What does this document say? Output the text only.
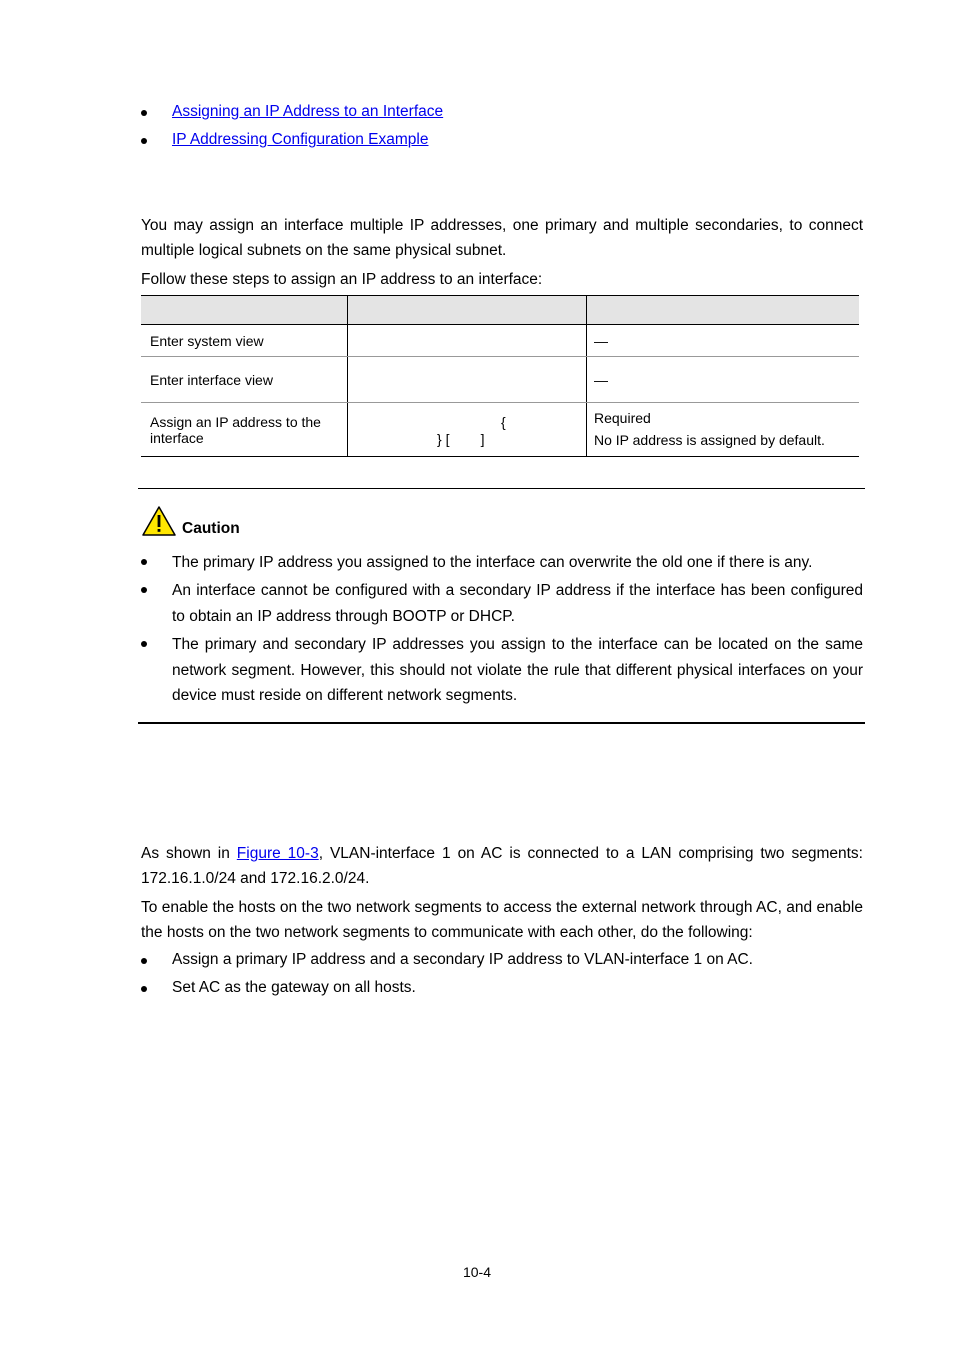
Assigning an IP Address to an Interface
IP Addressing Configuration Example
You may assign an interface multiple IP addresses, one primary and multiple secondaries, to connect multiple logical subnets on the same physical subnet.
Follow these steps to assign an IP address to an interface:
Enter system view	—
Enter interface view	—
Assign an IP address to the interface
{
} [        ]
Required
No IP address is assigned by default.
Caution
The primary IP address you assigned to the interface can overwrite the old one if there is any.
An interface cannot be configured with a secondary IP address if the interface has been configured to obtain an IP address through BOOTP or DHCP.
The primary and secondary IP addresses you assign to the interface can be located on the same network segment. However, this should not violate the rule that different physical interfaces on your device must reside on different network segments.
As shown in Figure 10-3, VLAN-interface 1 on AC is connected to a LAN comprising two segments: 172.16.1.0/24 and 172.16.2.0/24.
To enable the hosts on the two network segments to access the external network through AC, and enable the hosts on the two network segments to communicate with each other, do the following:
Assign a primary IP address and a secondary IP address to VLAN-interface 1 on AC.
Set AC as the gateway on all hosts.
10-4
